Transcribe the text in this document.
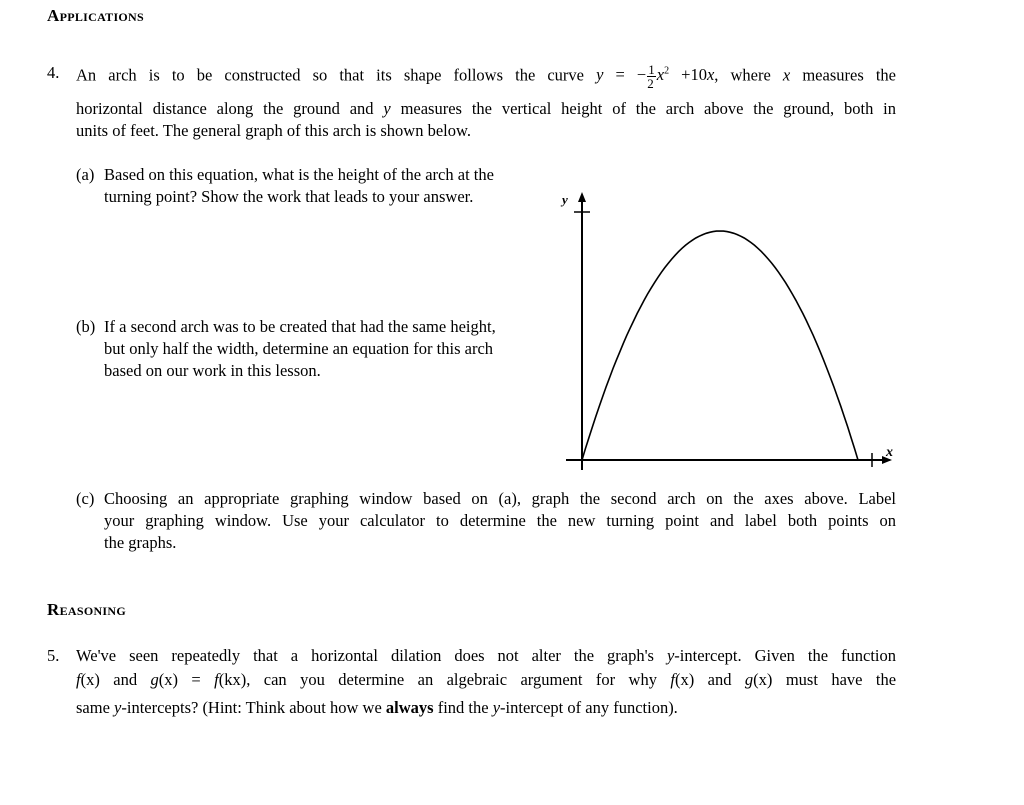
Applications
4. An arch is to be constructed so that its shape follows the curve y = − $\frac{1}{2} x^2 +10x$, where x measures the
horizontal distance along the ground and y measures the vertical height of the arch above the ground, both in
units of feet. The general graph of this arch is shown below.
(a) Based on this equation, what is the height of the arch at the
turning point? Show the work that leads to your answer.
(b) If a second arch was to be created that had the same height,
but only half the width, determine an equation for this arch
based on our work in this lesson.
y
x
(c) Choosing an appropriate graphing window based on (a), graph the second arch on the axes above. Label
your graphing window. Use your calculator to determine the new turning point and label both points on
the graphs.
Reasoning
5. We've seen repeatedly that a horizontal dilation does not alter the graph's y-intercept. Given the function
f(x) and g(x) = f(kx), can you determine an algebraic argument for why f(x) and g(x) must have the
same y-intercepts? (Hint: Think about how we always find the y-intercept of any function).
